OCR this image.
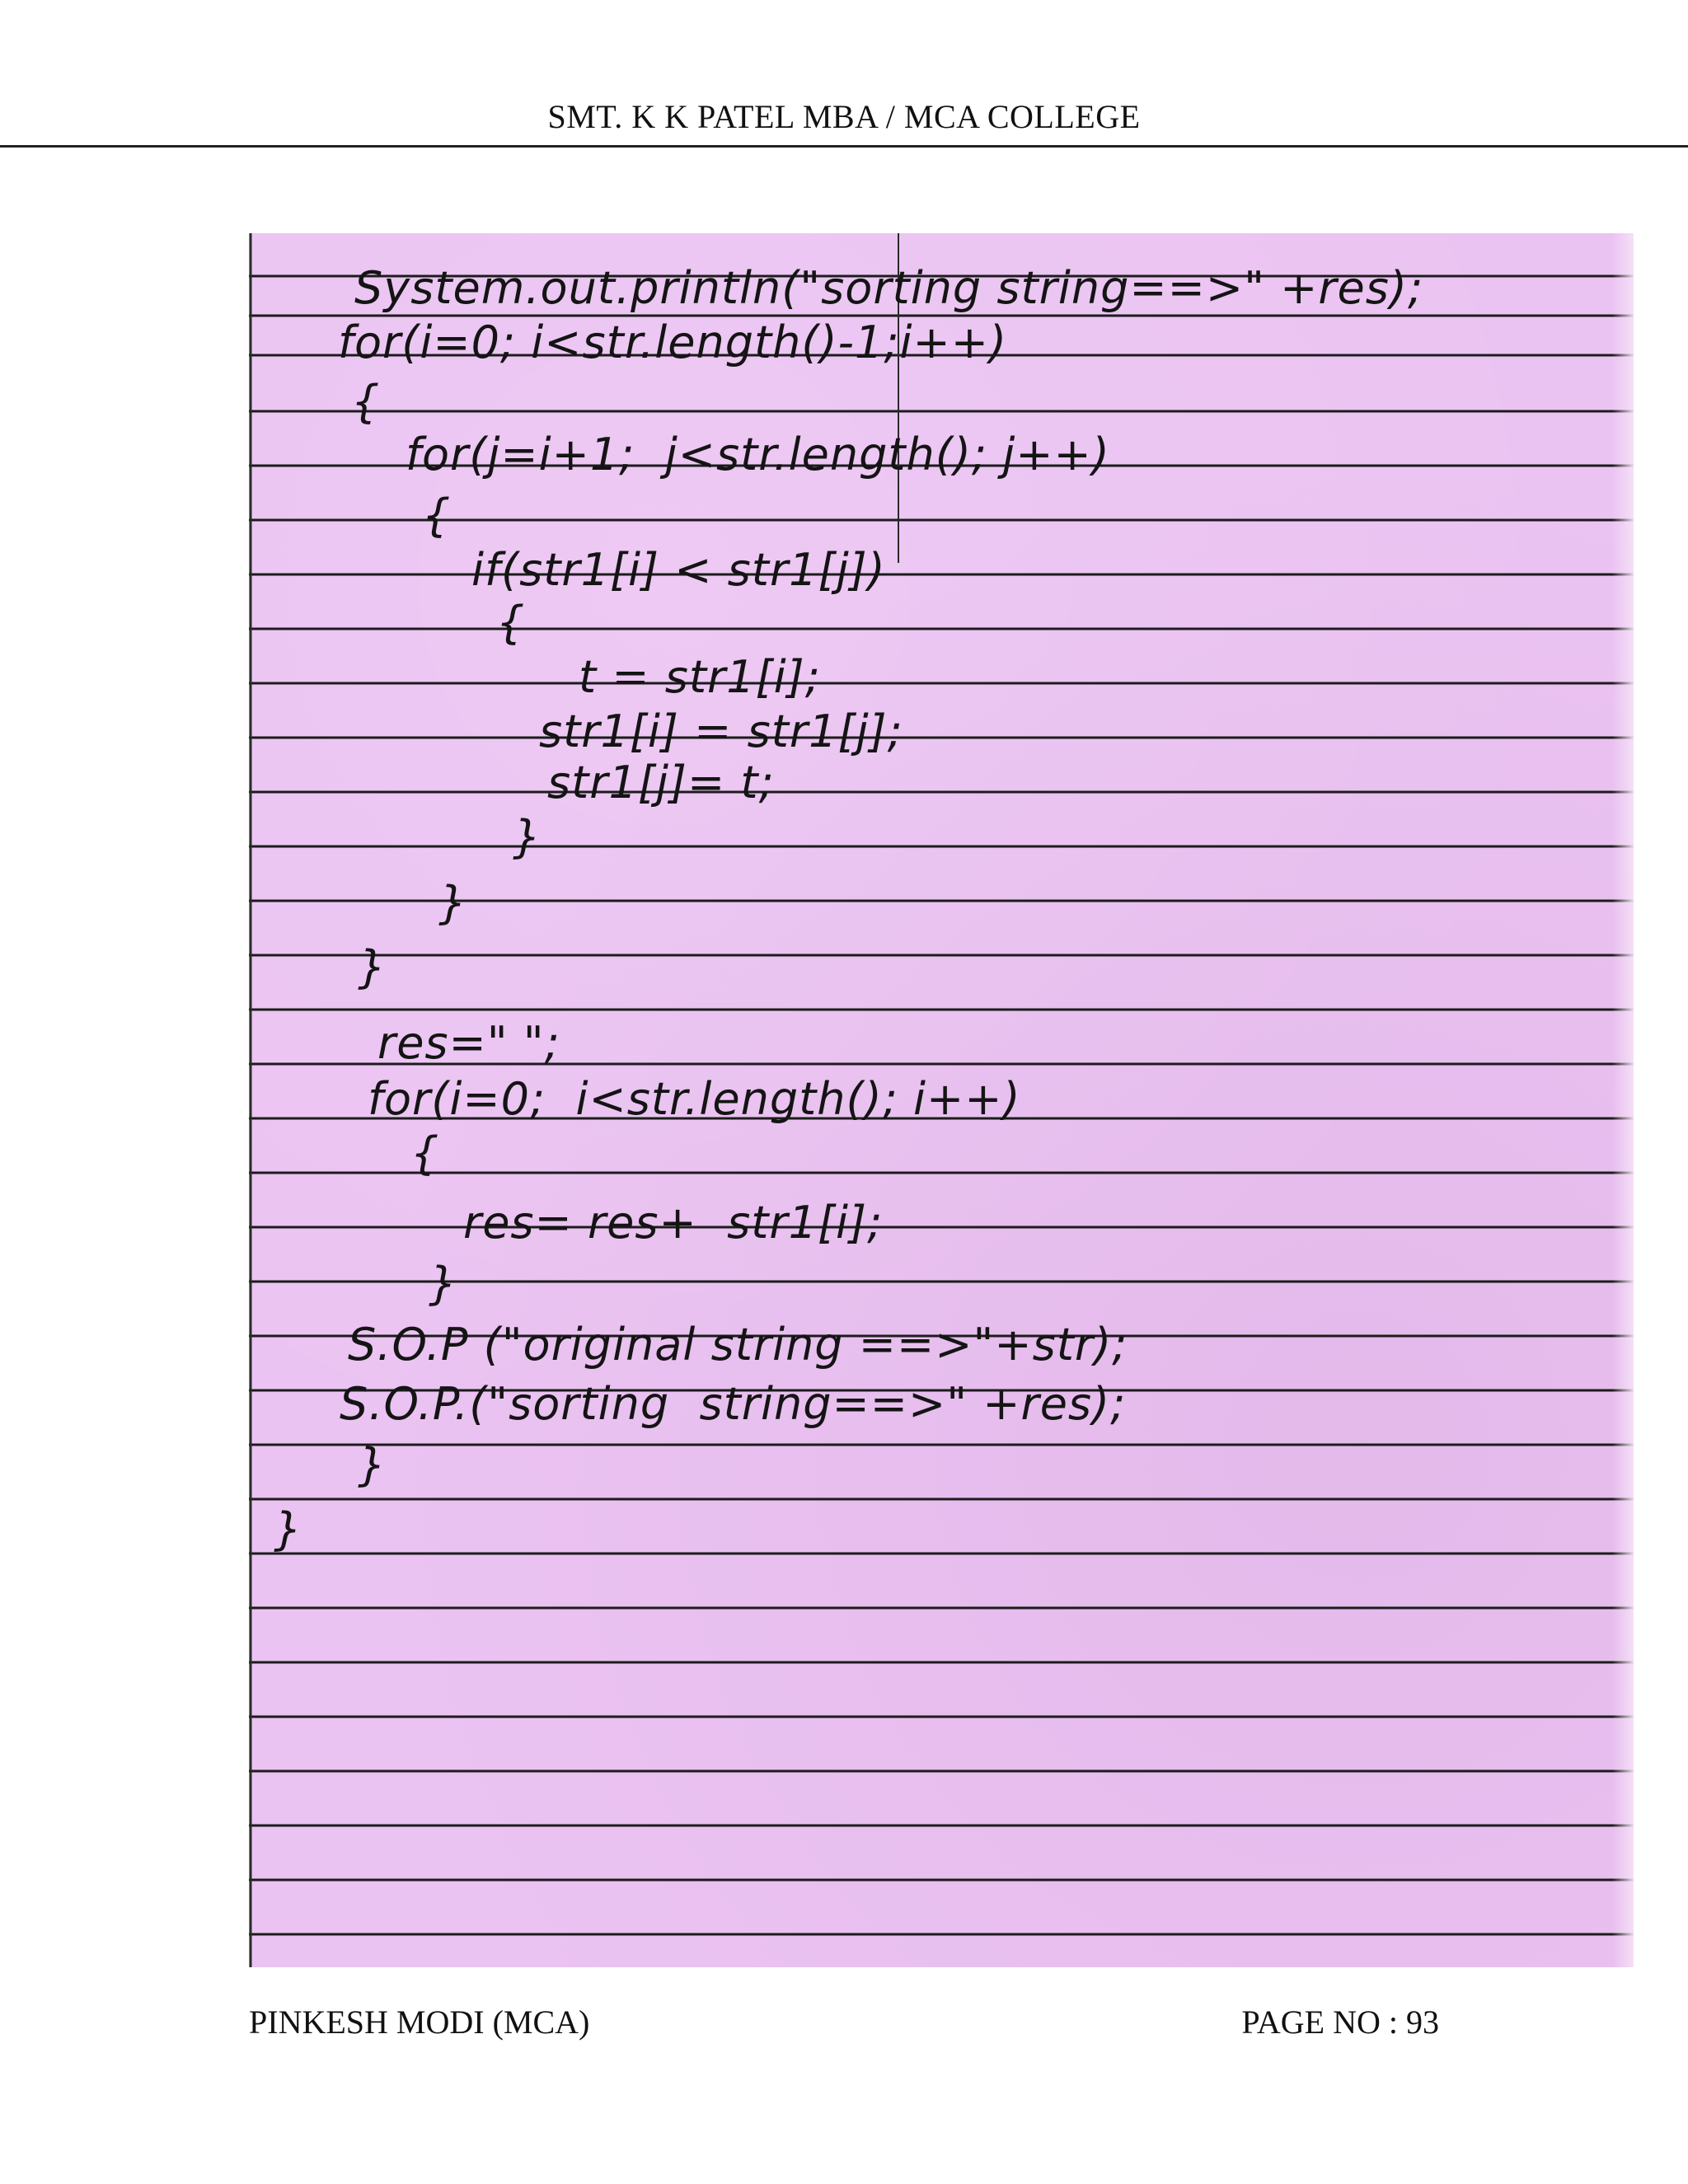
SMT. K K PATEL MBA / MCA COLLEGE
System.out.println("sorting string==>" +res);
for(i=0; i<str.length()-1;i++)
{
for(j=i+1;  j<str.length(); j++)
{
if(str1[i] < str1[j])
{
t = str1[i];
str1[i] = str1[j];
str1[j]= t;
}
}
}
res=" ";
for(i=0;  i<str.length(); i++)
{
res= res+  str1[i];
}
S.O.P ("original string ==>"+str);
S.O.P.("sorting  string==>" +res);
}
}
PINKESH MODI (MCA)	PAGE NO : 93
